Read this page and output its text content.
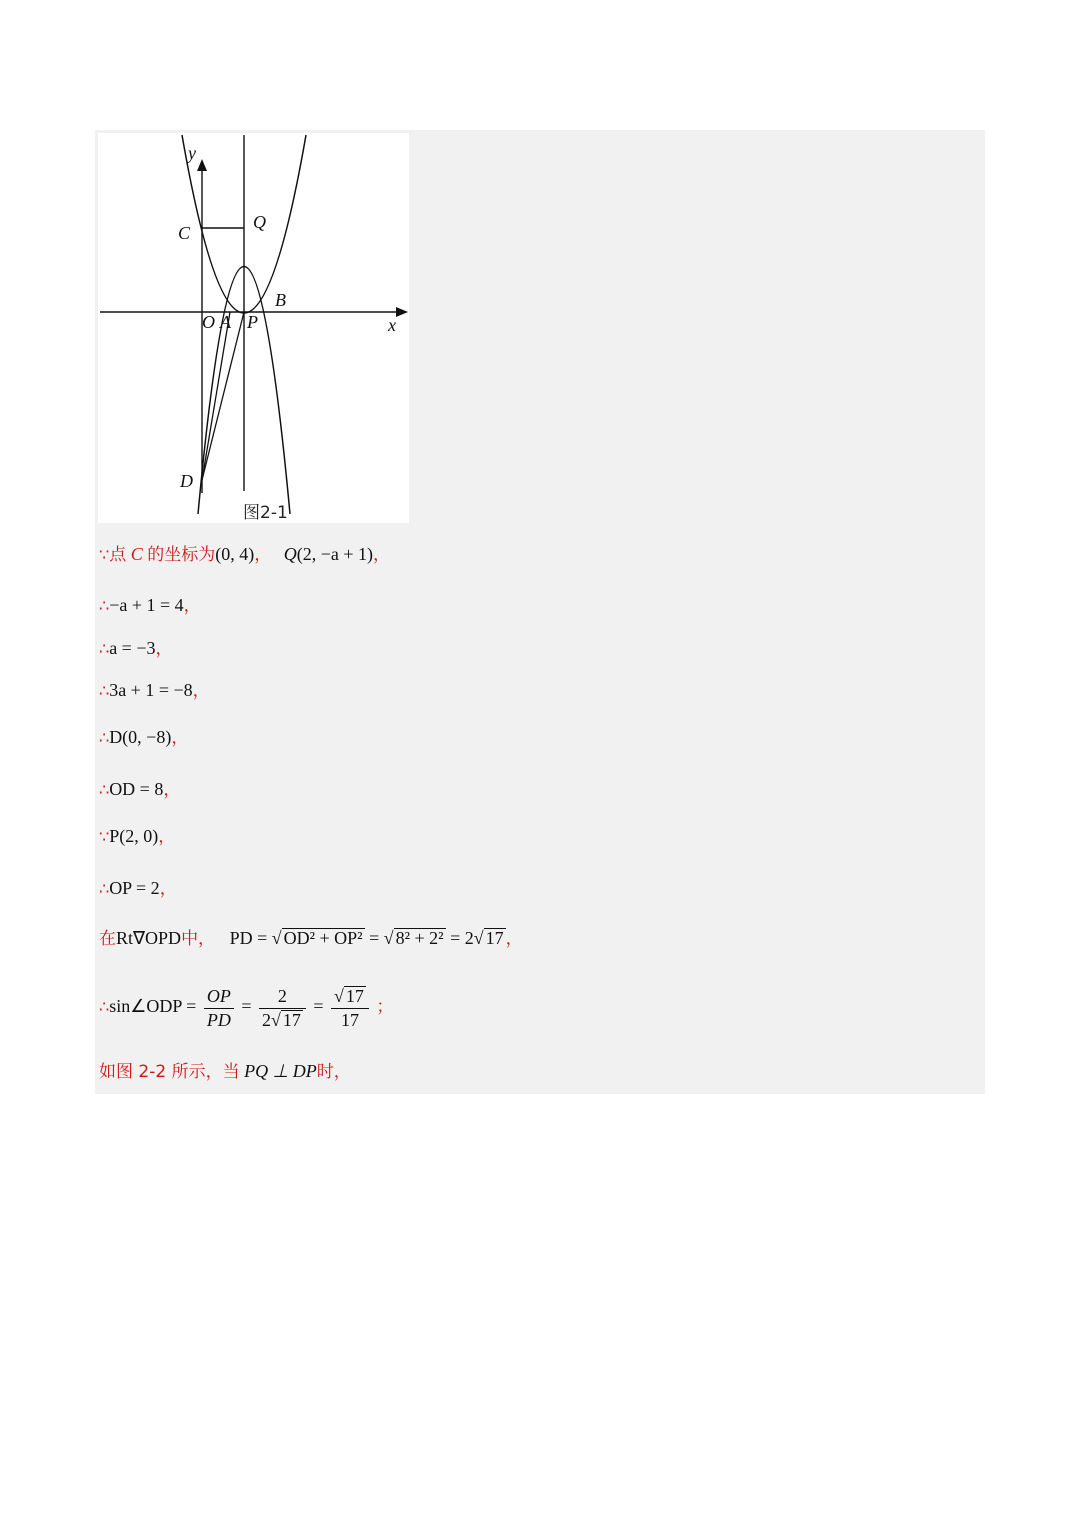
y
x
C
Q
B
O A P
D
图2-1
∵点 C 的坐标为(0, 4)， Q(2, −a + 1)，
∴−a + 1 = 4，
∴a = −3，
∴3a + 1 = −8，
∴D(0, −8)，
∴OD = 8，
∵P(2, 0)，
∴OP = 2，
在Rt∇OPD中， PD = √ OD² + OP² = √ 8² + 2² = 2√ 17 ，
∴sin∠ODP = $\frac{OP}{PD} = \frac{2}{2√ 17} = \frac{√ 17}{17}$ ；
如图 2-2 所示，当 PQ ⊥ DP时，
